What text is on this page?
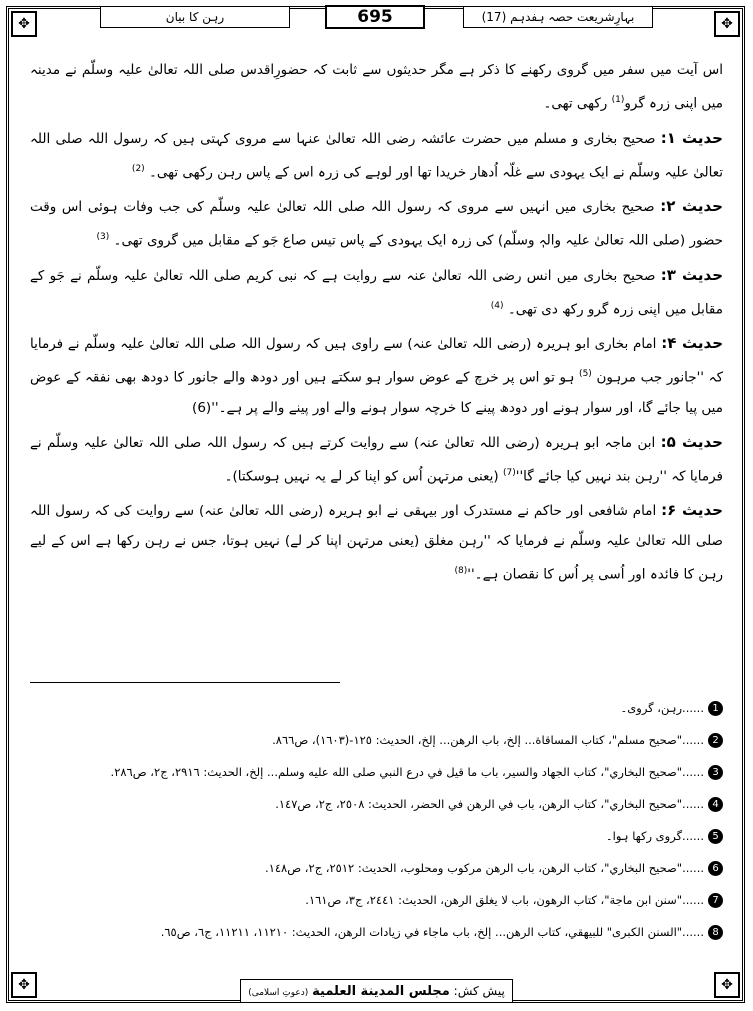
✥	✥
✥	✥
بہارِشریعت حصہ ہفدہم (17)
695
رہن کا بیان

اس آیت میں سفر میں گروی رکھنے کا ذکر ہے مگر حدیثوں سے ثابت کہ حضورِاقدس صلی اللہ تعالیٰ علیہ وسلّم نے مدینہ میں اپنی زرہ گرو$^{(1)}$ رکھی تھی۔

حدیث ۱: صحیح بخاری و مسلم میں حضرت عائشہ رضی اللہ تعالیٰ عنہا سے مروی کہتی ہیں کہ رسول اللہ صلی اللہ تعالیٰ علیہ وسلّم نے ایک یہودی سے غلّہ اُدھار خریدا تھا اور لوہے کی زرہ اس کے پاس رہن رکھی تھی۔ $^{(2)}$

حدیث ۲: صحیح بخاری میں انہیں سے مروی کہ رسول اللہ صلی اللہ تعالیٰ علیہ وسلّم کی جب وفات ہوئی اس وقت حضور (صلی اللہ تعالیٰ علیہ والہٖ وسلّم) کی زرہ ایک یہودی کے پاس تیس صاع جَو کے مقابل میں گروی تھی۔ $^{(3)}$

حدیث ۳: صحیح بخاری میں انس رضی اللہ تعالیٰ عنہ سے روایت ہے کہ نبی کریم صلی اللہ تعالیٰ علیہ وسلّم نے جَو کے مقابل میں اپنی زرہ گرو رکھ دی تھی۔ $^{(4)}$

حدیث ۴: امام بخاری ابو ہریرہ (رضی اللہ تعالیٰ عنہ) سے راوی ہیں کہ رسول اللہ صلی اللہ تعالیٰ علیہ وسلّم نے فرمایا کہ ''جانور جب مرہون $^{(5)}$ ہو تو اس پر خرچ کے عوض سوار ہو سکتے ہیں اور دودھ والے جانور کا دودھ بھی نفقہ کے عوض میں پیا جائے گا، اور سوار ہونے اور دودھ پینے کا خرچہ سوار ہونے والے اور پینے والے پر ہے۔''(6)

حدیث ۵: ابن ماجہ ابو ہریرہ (رضی اللہ تعالیٰ عنہ) سے روایت کرتے ہیں کہ رسول اللہ صلی اللہ تعالیٰ علیہ وسلّم نے فرمایا کہ ''رہن بند نہیں کیا جائے $گا''^{(7)}$ (یعنی مرتہن اُس کو اپنا کر لے یہ نہیں ہوسکتا)۔

حدیث ۶: امام شافعی اور حاکم نے مستدرک اور بیہقی نے ابو ہریرہ (رضی اللہ تعالیٰ عنہ) سے روایت کی کہ رسول اللہ صلی اللہ تعالیٰ علیہ وسلّم نے فرمایا کہ ''رہن مغلق (یعنی مرتہن اپنا کر لے) نہیں ہوتا، جس نے رہن رکھا ہے اس کے لیے رہن کا فائدہ اور اُسی پر اُس کا نقصان $ہے۔''^{(8)}$

1......رہن، گروی۔
2......"صحيح مسلم"، كتاب المساقاة... إلخ، باب الرهن... إلخ، الحديث: ١٢٥-(١٦٠٣)، ص٨٦٦.
3......"صحيح البخاري"، كتاب الجهاد والسير، باب ما قيل في درع النبي صلى الله عليه وسلم... إلخ، الحديث: ٢٩١٦، ج٢، ص٢٨٦.
4......"صحيح البخاري"، كتاب الرهن، باب في الرهن في الحضر، الحديث: ٢٥٠٨، ج٢، ص١٤٧.
5......گروی رکھا ہوا۔
6......"صحيح البخاري"، كتاب الرهن، باب الرهن مركوب ومحلوب، الحديث: ٢٥١٢، ج٢، ص١٤٨.
7......"سنن ابن ماجة"، كتاب الرهون، باب لا يغلق الرهن، الحديث: ٢٤٤١، ج٣، ص١٦١.
8......"السنن الكبرى" للبيهقي، كتاب الرهن... إلخ، باب ماجاء في زيادات الرهن، الحديث: ١١٢١٠، ١١٢١١، ج٦، ص٦٥.
پیش کش: مجلس المدينة العلمية (دعوتِ اسلامی)
